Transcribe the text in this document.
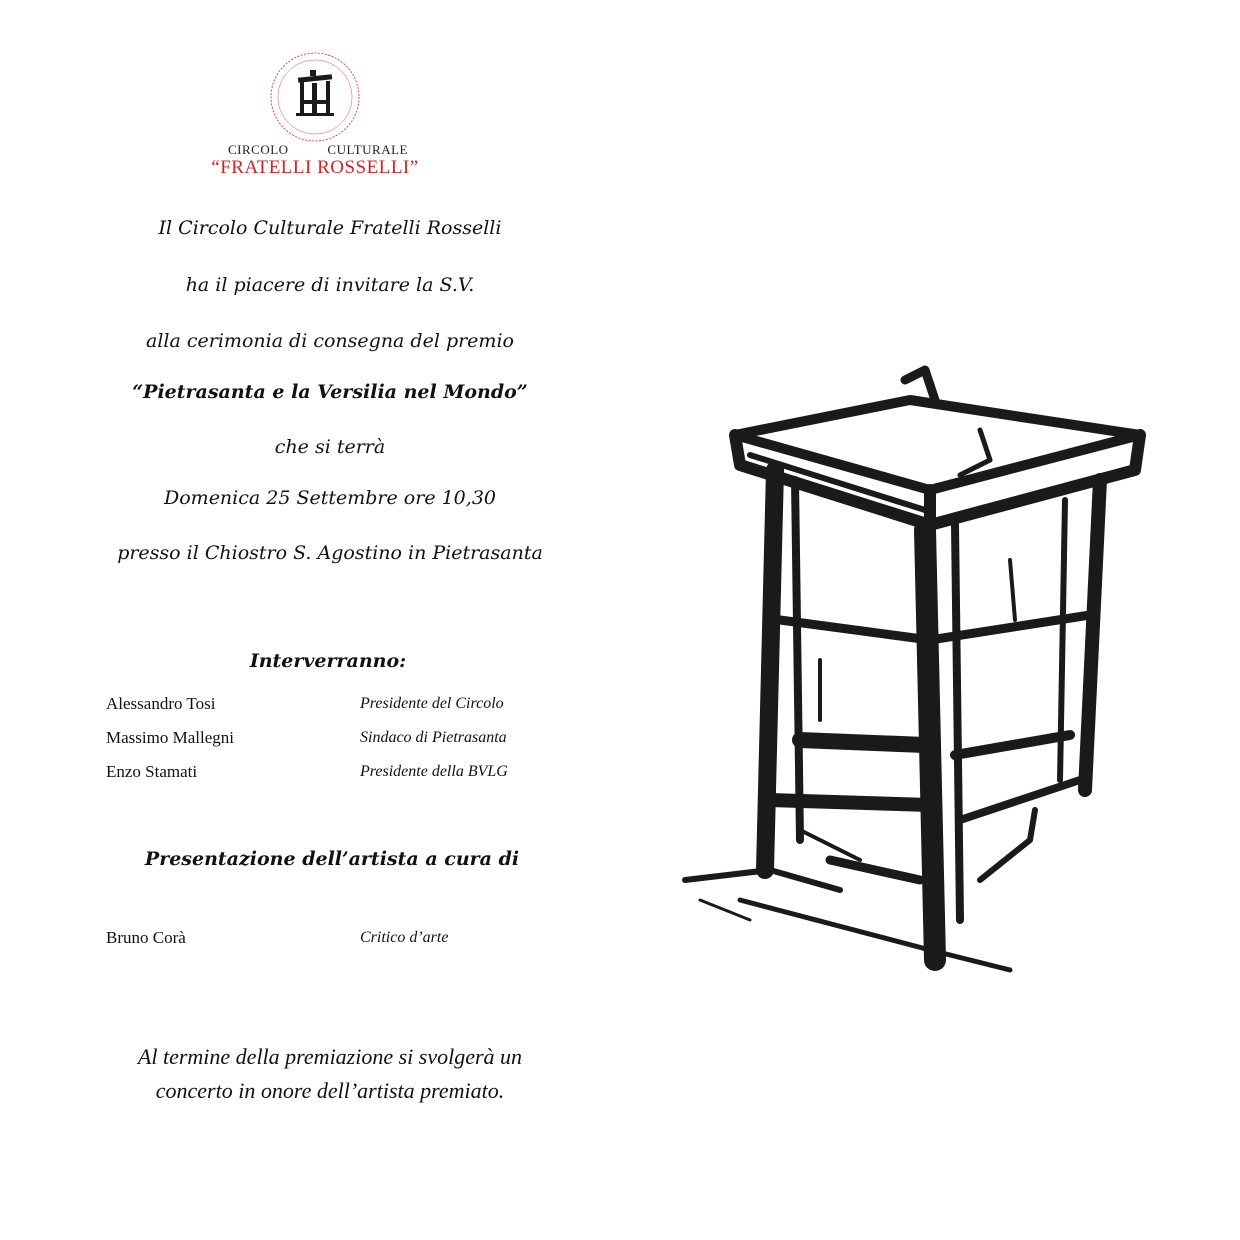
CIRCOLO	CULTURALE
“FRATELLI ROSSELLI”
Il Circolo Culturale Fratelli Rosselli
ha il piacere di invitare la S.V.
alla cerimonia di consegna del premio
“Pietrasanta e la Versilia nel Mondo”
che si terrà
Domenica 25 Settembre ore 10,30
presso il Chiostro S. Agostino in Pietrasanta
Interverranno:
Alessandro Tosi	Presidente del Circolo
Massimo Mallegni	Sindaco di Pietrasanta
Enzo Stamati	Presidente della BVLG
Presentazione dell’artista a cura di
Bruno Corà	Critico d’arte
Al termine della premiazione si svolgerà un
concerto in onore dell’artista premiato.
